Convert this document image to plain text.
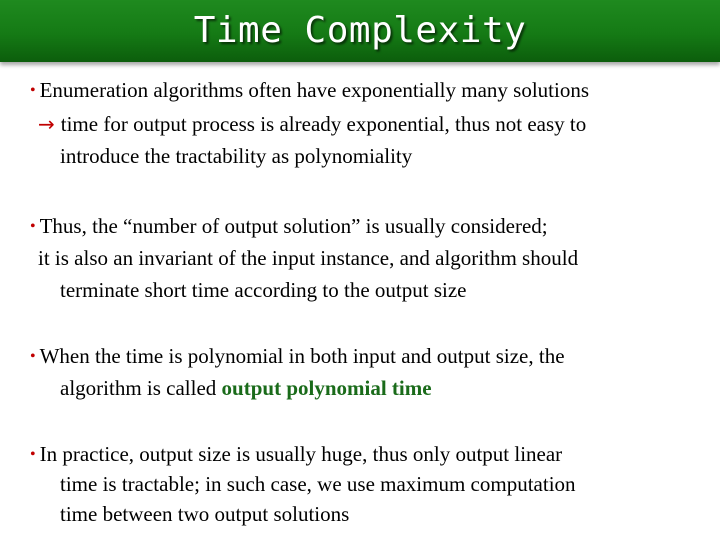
Time Complexity
• Enumeration algorithms often have exponentially many solutions
→ time for output process is already exponential, thus not easy to
introduce the tractability as polynomiality
• Thus, the “number of output solution” is usually considered;
it is also an invariant of the input instance, and algorithm should
terminate short time according to the output size
• When the time is polynomial in both input and output size, the
algorithm is called output polynomial time
• In practice, output size is usually huge, thus only output linear
time is tractable; in such case, we use maximum computation
time between two output solutions
